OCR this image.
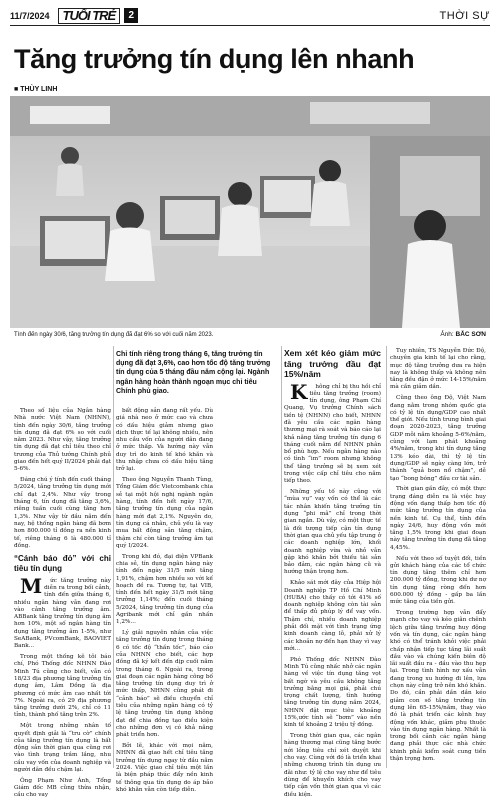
11/7/2024	TUỔI TRẺ	2	THỜI SỰ
Tăng trưởng tín dụng lên nhanh
■ THÙY LINH
Tính đến ngày 30/6, tăng trưởng tín dụng đã đạt 6% so với cuối năm 2023.	Ảnh: BẮC SƠN
Chỉ tính riêng trong tháng 6, tăng trưởng tín dụng đã đạt 3,6%, cao hơn tốc độ tăng trưởng tín dụng của 5 tháng đầu năm cộng lại. Ngành ngân hàng hoàn thành ngoạn mục chỉ tiêu Chính phủ giao.

Theo số liệu của Ngân hàng Nhà nước Việt Nam (NHNN), tính đến ngày 30/6, tăng trưởng tín dụng đã đạt 6% so với cuối năm 2023. Như vậy, tăng trưởng tín dụng đã đạt chỉ tiêu theo chỉ trương của Thủ tướng Chính phủ giao đến hết quý II/2024 phải đạt 5-6%.

Đáng chú ý tính đến cuối tháng 5/2024, tăng trưởng tín dụng mới chỉ đạt 2,4%. Như vậy trong tháng 6, tín dụng đã tăng 3,6%, riêng tuần cuối cùng tăng hơn 1,3%. Như vậy từ đầu năm đến nay, hệ thống ngân hàng đã bơm hơn 800.000 tỉ đồng ra nền kinh tế, riêng tháng 6 là 480.000 tỉ đồng.

“Cánh báo đỏ” với chỉ tiêu tín dụng

Mức tăng trưởng này diễn ra trong bối cảnh, tính đến giữa tháng 6, nhiều ngân hàng vẫn đang rơi vào cảnh tăng trưởng âm. ABBank tăng trưởng tín dụng âm hơn 10%, một số ngân hàng tín dụng tăng trưởng âm 1-5%, như SeABank, PVcomBank, BAOVIET Bank...

Trong một thống kê tôi báo chí, Phó Thống đốc NHNN Đào Minh Tú cũng cho biết, vẫn có 18/23 địa phương tăng trưởng tín dụng âm, Lâm Đồng là địa phương có mức âm cao nhất tới 7%. Ngoài ra, có 29 địa phương tăng trưởng dưới 2%, chỉ có 11 tỉnh, thành phố tăng trên 2%.

Một trong những nhân tố quyết định giải là “tru cờ” chính của tăng trưởng tín dụng là bất động sản thời gian qua cũng rơi vào tình trạng trầm lắng, nhu cầu vay vốn của doanh nghiệp và người dân đều chậm lại.

Ông Phạm Như Ánh, Tổng Giám đốc MB cũng thừa nhận, cầu cho vay

bất động sản đang rất yếu. Dù giá nhà neo ở mức cao và chưa có dấu hiệu giảm nhưng giao dịch thực tế lại không nhiều, nên nhu cầu vốn của người dân đang ở mức thấp. Và hướng này vẫn duy trì do kinh tế khó khăn và thu nhập chưa có dấu hiệu tăng trở lại.

Theo ông Nguyễn Thanh Tùng, Tổng Giám đốc Vietcombank chia sẻ tại một hội nghị ngành ngân hàng, tính đến hết ngày 17/6, tăng trưởng tín dụng của ngân hàng mới đạt 2,1%. Nguyên do, tín dụng cá nhân, chủ yếu là vay mua bất động sản tăng chậm, thậm chí còn tăng trưởng âm tại quý I/2024.

Trong khi đó, đại diện VPBank chia sẻ, tín dụng ngân hàng này tính đến ngày 31/5 mới tăng 1,91%, chậm hơn nhiều so với kế hoạch đề ra. Tương tự, tại VIB, tính đến hết ngày 31/5 mới tăng trưởng 1,14%; đến cuối tháng 5/2024, tăng trưởng tín dụng của Agribank mới chỉ gần nhấn 1,2%...

Lý giải nguyên nhân của việc tăng trưởng tín dụng trong tháng 6 có tốc độ “thần tốc”, báo cáo của NHNN cho biết, các hợp đồng đã ký kết đến dịp cuối năm trong tháng 6. Ngoài ra, trong giai đoạn các ngân hàng công bố tăng trưởng tín dụng duy trì ở mức thấp, NHNN cũng phát đi “cảnh báo” sẽ điều chuyển chỉ tiêu của những ngân hàng có tỷ lệ tăng trưởng tín dụng không đạt để chia đồng tạo điều kiện cho những đơn vị có khả năng phát triển hơn.

Bởi lẽ, khác với mọi năm, NHNN đã giao hết chỉ tiêu tăng trưởng tín dụng ngay từ đầu năm 2024. Việc giao chỉ tiêu một lần là biện pháp thúc đẩy nền kinh tế thông qua tín dụng do áp bảo khó khăn vẫn còn tiếp diễn.

Xem xét kéo giảm mức tăng trưởng đầu đạt 15%/năm

Không chỉ bị thu hồi chỉ tiêu tăng trưởng (room) tín dụng, ông Phạm Chí Quang, Vụ trưởng Chính sách tiền tệ (NHNN) cho biết, NHNN đã yêu cầu các ngân hàng thương mại rà soát và báo cáo lại khả năng tăng trưởng tín dụng 6 tháng cuối năm để NHNN phân bổ phù hợp. Nếu ngân hàng nào có tình “im” room nhưng không thể tăng trưởng sẽ bị xem xét trong việc cấp chỉ tiêu cho năm tiếp theo.

Những yếu tố này cũng với “mùa vụ” vay vốn có thể là các tác nhân khiến tăng trưởng tín dụng “phi mã” chỉ trong thời gian ngắn. Dù vậy, có một thực tế là đối tượng tiếp cận tín dụng thời gian qua chủ yếu tập trung ở các doanh nghiệp lớn, khối doanh nghiệp vừa và nhỏ vẫn gặp khó khăn bởi thiếu tài sản bảo đảm, các ngân hàng cũ và hướng thận trọng hơn.

Khảo sát mới đây của Hiệp hội Doanh nghiệp TP Hồ Chí Minh (HUBA) cho thấy có tới 41% số doanh nghiệp không còn tài sản để thấp đủ phúp lý để vay vốn. Thậm chí, nhiều doanh nghiệp phải đối mặt với tình trạng ứng kinh doanh càng lỗ, phải xử lý các khoản nợ đến hạn thay vì vay mới...

Phó Thống đốc NHNN Đào Minh Tú cũng nhấc nhở các ngân hàng về việc tín dụng tăng vọt bất ngờ và yêu cầu không tăng trưởng bằng mọi giá, phải chú trọng chất lượng, tình hướng tăng trưởng tín dụng năm 2024, NHNN đặt mục tiêu khoảng 15%,ước tính sẽ “bơm” vào nền kinh tế khoảng 2 triệu tỷ đồng.

Trong thời gian qua, các ngân hàng thương mại cũng tăng bước nới lỏng tiêu chí xét duyệt khi cho vay. Cùng với đó là triển khai những chương trình tín dụng ưu đãi như: tỷ lệ cho vay như để tiêu dùng để khuyến khích cho vay tiếp cận vốn thời gian qua vì các điều kiện.

Tuy nhiên, TS Nguyễn Đức Độ, chuyên gia kinh tế lại cho rằng, mục độ tăng trưởng dưa ra hiện nay là không thấp và không nên tăng đều đặn ở mức 14-15%/năm mà cần giảm dần.

Cũng theo ông Độ, Việt Nam đang nằm trong nhóm quốc gia có tỷ lệ tín dụng/GDP cao nhất thế giới. Nếu tính trung bình giai đoạn 2020-2023, tăng trưởng GDP mỗi năm khoảng 5-6%/năm, cùng với lạm phát khoảng 4%/năm, trong khi tín dụng tăng 13% kéo dài, thì tỷ lệ tín dụng/GDP sẽ ngày càng lớn, trở thành “quả bom nổ chậm”, dễ tạo “bong bóng” đầu cơ tài sản.

Thời gian gần đây, có một thực trạng đáng diễn ra là việc huy động vốn dạng thấp hơn tốc độ mức tăng trưởng tín dụng của nền kinh tế. Cụ thể, tính đến ngày 24/6, huy động vốn mới tăng 1,5% trong khi giai đoạn này tăng trưởng tín dụng đã tăng 4,45%.

Nếu với theo số tuyệt đối, tiền gửi khách hàng của các tổ chức tín dụng tăng thêm chỉ hơn 200.000 tỷ đồng, trong khi dư nợ tín dụng tăng ròng đến hơn 600.000 tỷ đồng - gấp ba lần mức tăng của tiền gửi.

Trong trường hợp vẫn đẩy mạnh cho vay và kéo giãn chênh lệch giữa tăng trưởng huy động vốn và tín dụng, các ngân hàng khó có thể tránh khỏi việc phải chấp nhận tiếp tục tăng lãi suất đầu vào và chúng kiến biên độ lãi suất đầu ra - đầu vào thu hẹp lại. Trong tình hình nợ xấu vẫn đang trong xu hướng đi lên, lựa chọn này cũng trở nên khó khăn. Do đó, cần phải dần dần kéo giảm con số tăng trưởng tín dụng lên 65-15%/năm, thay vào đó là phát triển các kênh huy động vốn khác, giảm phụ thuộc vào tín dụng ngân hàng. Nhất là trong bối cảnh các ngân hàng đang phải thực các nhà chức khinh phải kiểm soát cung tiền thận trọng hơn.
